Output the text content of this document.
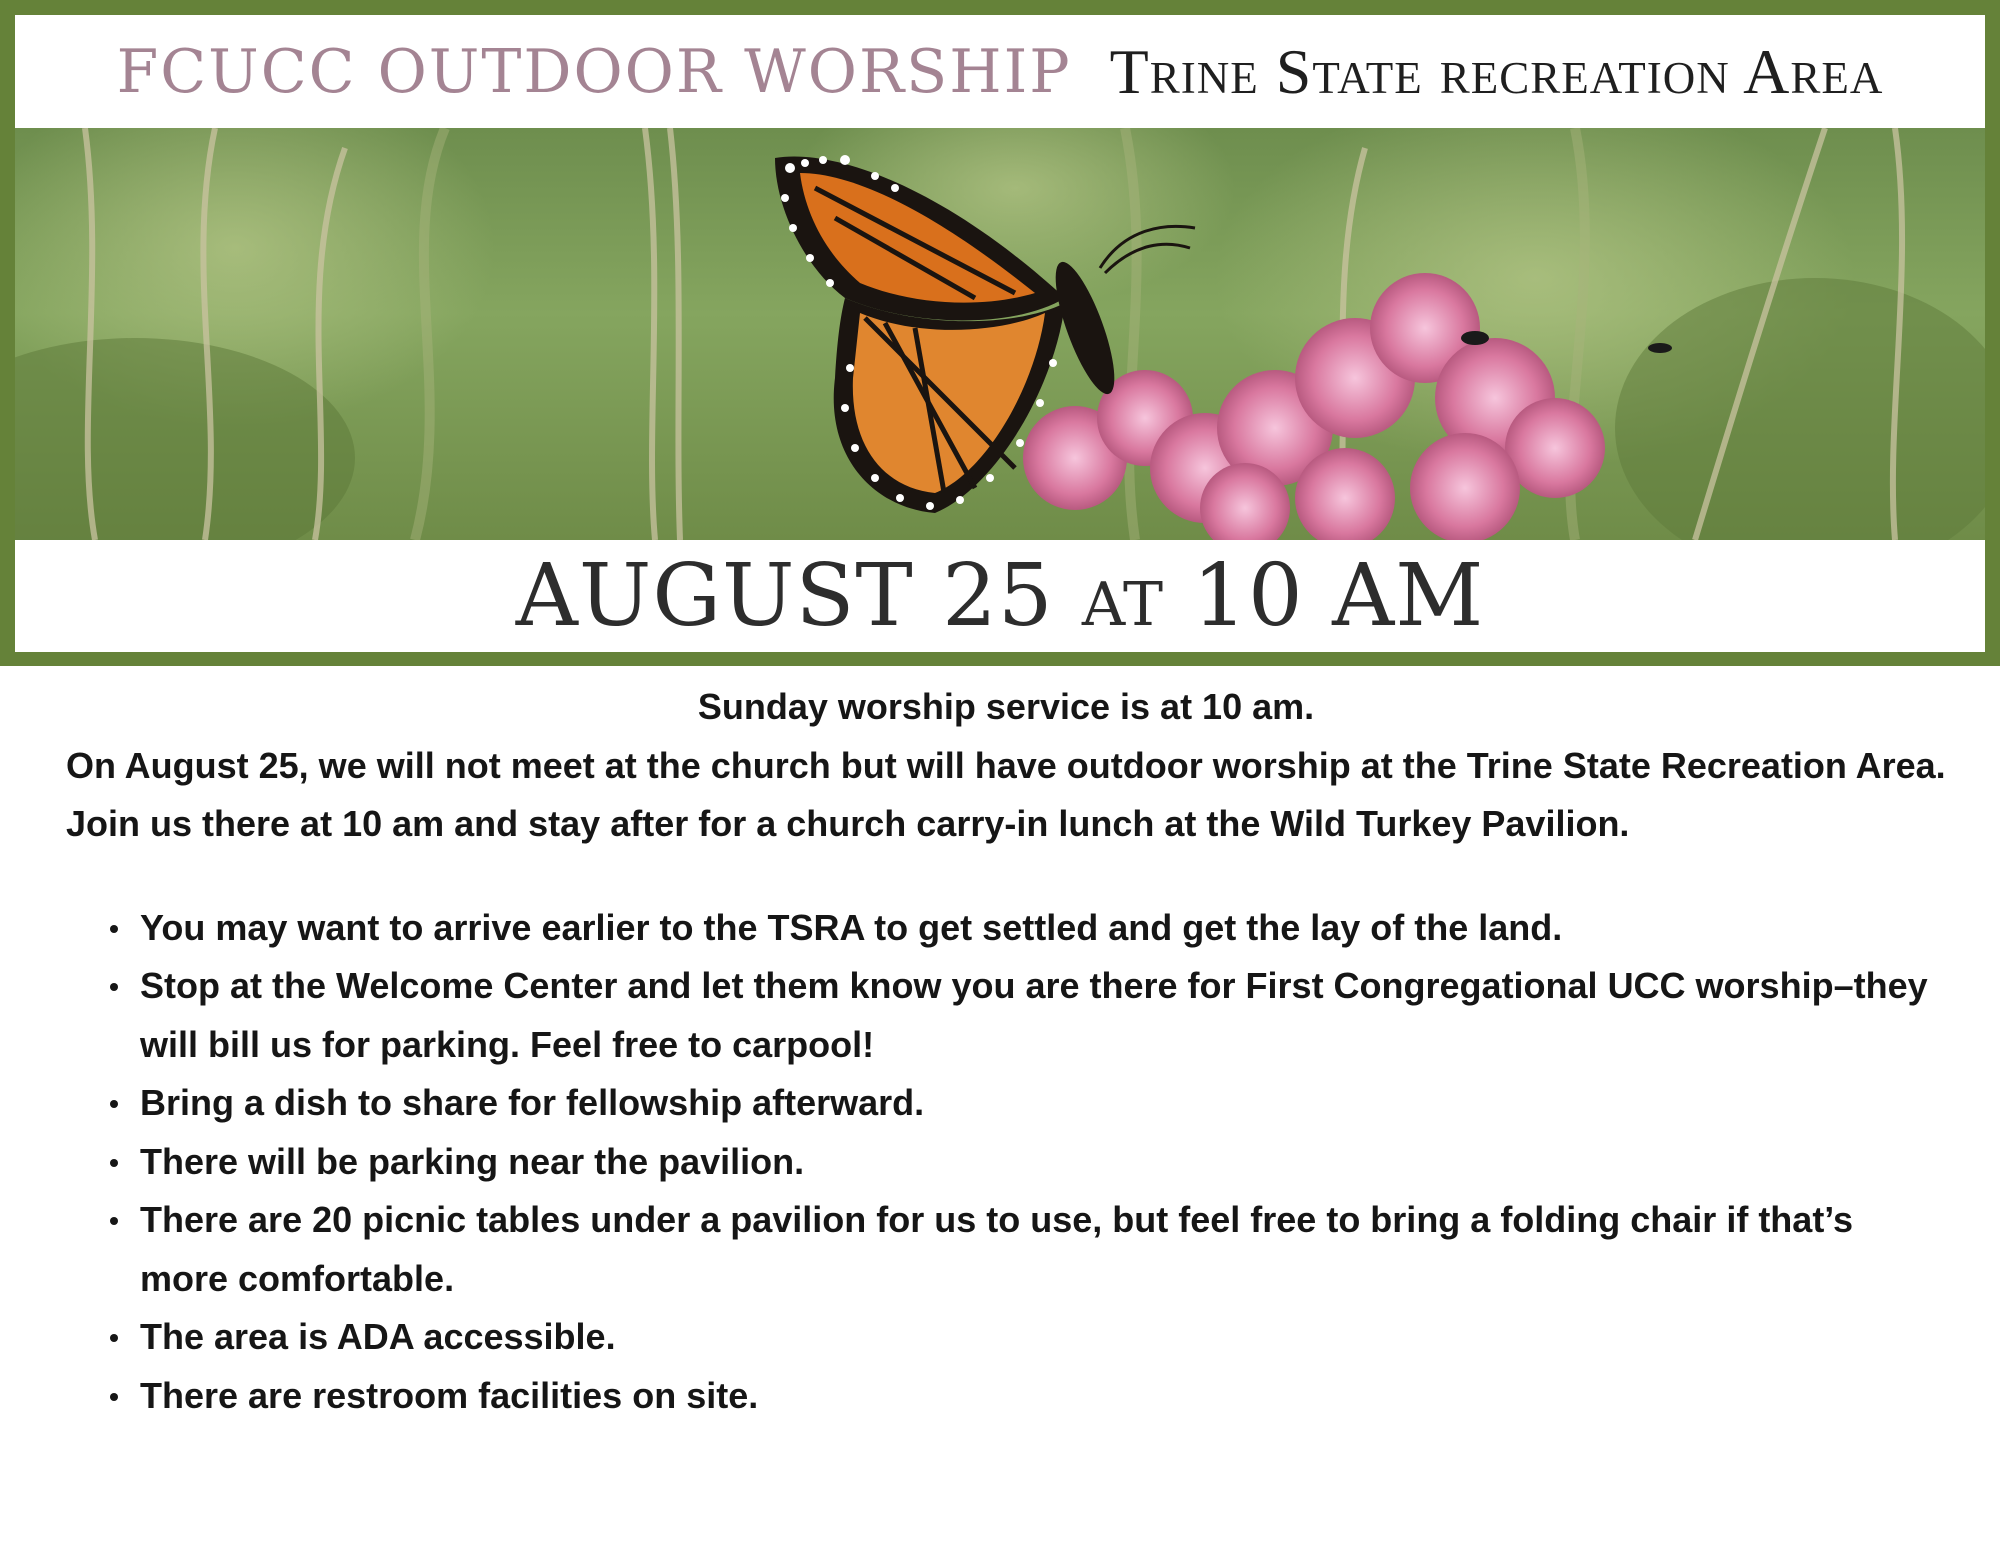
FCUCC OUTDOOR WORSHIP Trine State recreation Area
AUGUST 25 at 10 AM

Sunday worship service is at 10 am.

On August 25, we will not meet at the church but will have outdoor worship at the Trine State Recreation Area.

Join us there at 10 am and stay after for a church carry-in lunch at the Wild Turkey Pavilion.

You may want to arrive earlier to the TSRA to get settled and get the lay of the land.
Stop at the Welcome Center and let them know you are there for First Congregational UCC worship–they will bill us for parking. Feel free to carpool!
Bring a dish to share for fellowship afterward.
There will be parking near the pavilion.
There are 20 picnic tables under a pavilion for us to use, but feel free to bring a folding chair if that’s more comfortable.
The area is ADA accessible.
There are restroom facilities on site.
